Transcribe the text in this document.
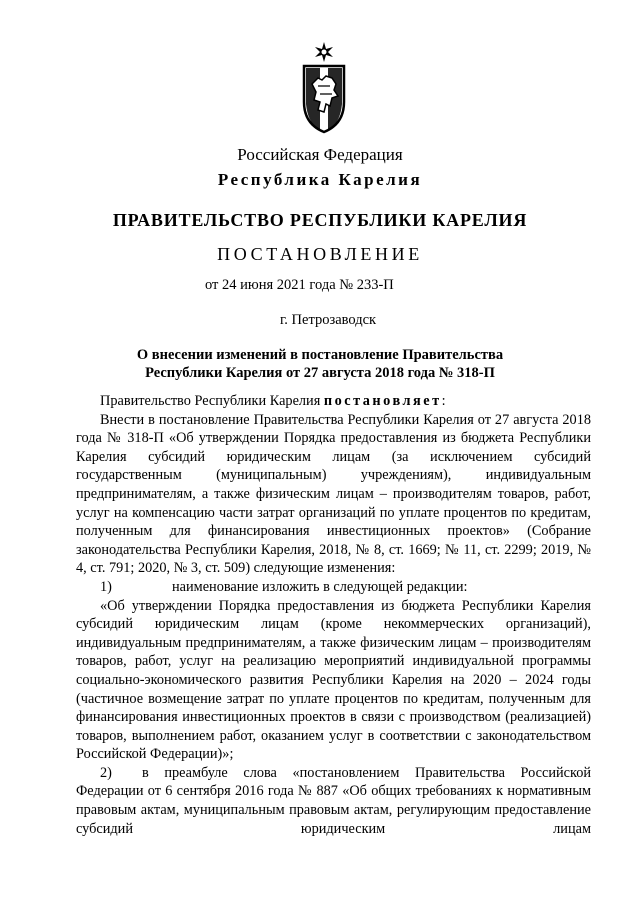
Российская Федерация
Республика Карелия
ПРАВИТЕЛЬСТВО РЕСПУБЛИКИ КАРЕЛИЯ
ПОСТАНОВЛЕНИЕ
от 24 июня 2021 года № 233-П
г. Петрозаводск
О внесении изменений в постановление Правительства
Республики Карелия от 27 августа 2018 года № 318-П
Правительство Республики Карелия постановляет:
Внести в постановление Правительства Республики Карелия от 27 августа 2018 года № 318-П «Об утверждении Порядка предоставления из бюджета Республики Карелия субсидий юридическим лицам (за исключением субсидий государственным (муниципальным) учреждениям), индивидуальным предпринимателям, а также физическим лицам – производителям товаров, работ, услуг на компенсацию части затрат организаций по уплате процентов по кредитам, полученным для финансирования инвестиционных проектов» (Собрание законодательства Республики Карелия, 2018, № 8, ст. 1669; № 11, ст. 2299; 2019, № 4, ст. 791; 2020, № 3, ст. 509) следующие изменения:
1)	наименование изложить в следующей редакции:
«Об утверждении Порядка предоставления из бюджета Республики Карелия субсидий юридическим лицам (кроме некоммерческих организаций), индивидуальным предпринимателям, а также физическим лицам – производителям товаров, работ, услуг на реализацию мероприятий индивидуальной программы социально-экономического развития Республики Карелия на 2020 – 2024 годы (частичное возмещение затрат по уплате процентов по кредитам, полученным для финансирования инвестиционных проектов в связи с производством (реализацией) товаров, выполнением работ, оказанием услуг в соответствии с законодательством Российской Федерации)»;
2) в преамбуле слова «постановлением Правительства Российской Федерации от 6 сентября 2016 года № 887 «Об общих требованиях к нормативным правовым актам, муниципальным правовым актам, регулирующим предоставление субсидий юридическим лицам
